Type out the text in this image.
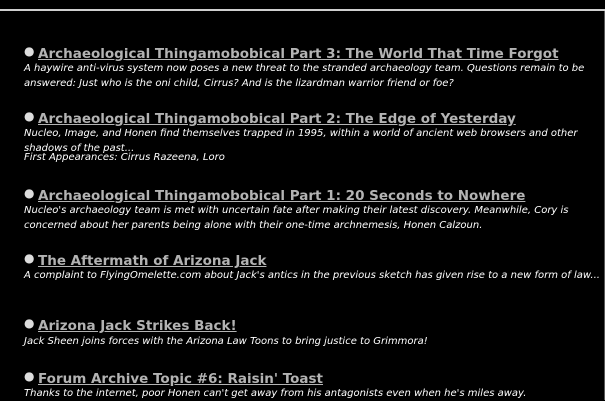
● Archaeological Thingamobobical Part 3: The World That Time Forgot
A haywire anti-virus system now poses a new threat to the stranded archaeology team. Questions remain to be answered: Just who is the oni child, Cirrus? And is the lizardman warrior friend or foe?
● Archaeological Thingamobobical Part 2: The Edge of Yesterday
Nucleo, Image, and Honen find themselves trapped in 1995, within a world of ancient web browsers and other shadows of the past...
First Appearances: Cirrus Razeena, Loro
● Archaeological Thingamobobical Part 1: 20 Seconds to Nowhere
Nucleo's archaeology team is met with uncertain fate after making their latest discovery. Meanwhile, Cory is concerned about her parents being alone with their one-time archnemesis, Honen Calzoun.
● The Aftermath of Arizona Jack
A complaint to FlyingOmelette.com about Jack's antics in the previous sketch has given rise to a new form of law...
● Arizona Jack Strikes Back!
Jack Sheen joins forces with the Arizona Law Toons to bring justice to Grimmora!
● Forum Archive Topic #6: Raisin' Toast
Thanks to the internet, poor Honen can't get away from his antagonists even when he's miles away.
